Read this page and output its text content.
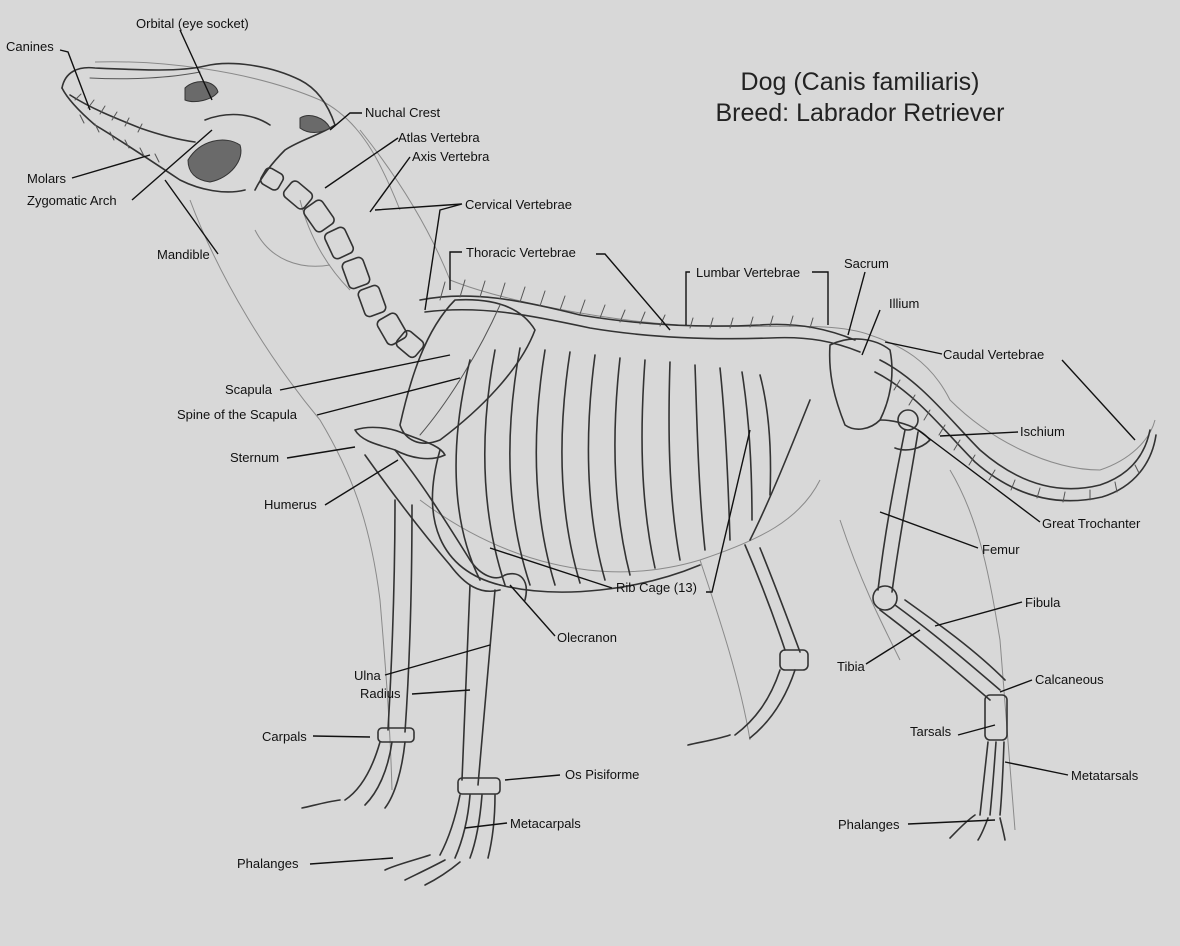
Dog (Canis familiaris)
Breed: Labrador Retriever
Orbital (eye socket)
Canines
Nuchal Crest
Atlas Vertebra
Axis Vertebra
Molars
Zygomatic Arch	Cervical Vertebrae
Mandible	Thoracic Vertebrae
Lumbar Vertebrae
Sacrum
Illium
Caudal Vertebrae
Scapula
Spine of the Scapula
Ischium
Sternum
Humerus
Great Trochanter
Femur
Rib Cage (13)
Fibula
Olecranon
Tibia
Ulna	Calcaneous
Radius
Tarsals
Carpals
Metatarsals
Os Pisiforme
Metacarpals	Phalanges
Phalanges
